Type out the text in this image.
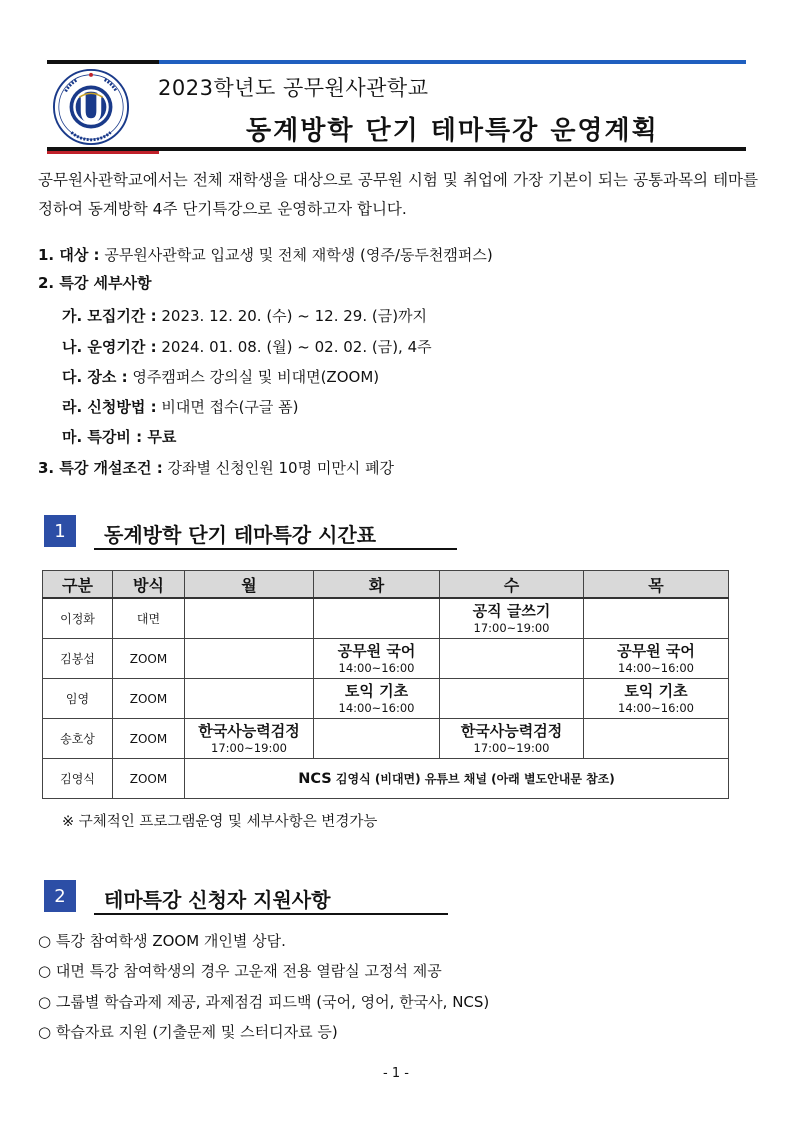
2023학년도 공무원사관학교
동계방학 단기 테마특강 운영계획
공무원사관학교에서는 전체 재학생을 대상으로 공무원 시험 및 취업에 가장 기본이 되는 공통과목의 테마를 정하여 동계방학 4주 단기특강으로 운영하고자 합니다.
1. 대상 : 공무원사관학교 입교생 및 전체 재학생 (영주/동두천캠퍼스)
2. 특강 세부사항
가. 모집기간 : 2023. 12. 20. (수) ~ 12. 29. (금)까지
나. 운영기간 : 2024. 01. 08. (월) ~ 02. 02. (금), 4주
다. 장소 : 영주캠퍼스 강의실 및 비대면(ZOOM)
라. 신청방법 : 비대면 접수(구글 폼)
마. 특강비 : 무료
3. 특강 개설조건 : 강좌별 신청인원 10명 미만시 폐강
1	동계방학 단기 테마특강 시간표
구분	방식	월	화	수	목
이정화	대면			공직 글쓰기
17:00~19:00	

김봉섭	ZOOM		공무원 국어
14:00~16:00		공무원 국어
14:00~16:00

임영	ZOOM		토익 기초
14:00~16:00		토익 기초
14:00~16:00

송호상	ZOOM	한국사능력검정
17:00~19:00		한국사능력검정
17:00~19:00	

김영식	ZOOM	NCS 김영식 (비대면) 유튜브 채널 (아래 별도안내문 참조)			
※ 구체적인 프로그램운영 및 세부사항은 변경가능
2	테마특강 신청자 지원사항
○ 특강 참여학생 ZOOM 개인별 상담.
○ 대면 특강 참여학생의 경우 고운재 전용 열람실 고정석 제공
○ 그룹별 학습과제 제공, 과제점검 피드백 (국어, 영어, 한국사, NCS)
○ 학습자료 지원 (기출문제 및 스터디자료 등)
- 1 -
